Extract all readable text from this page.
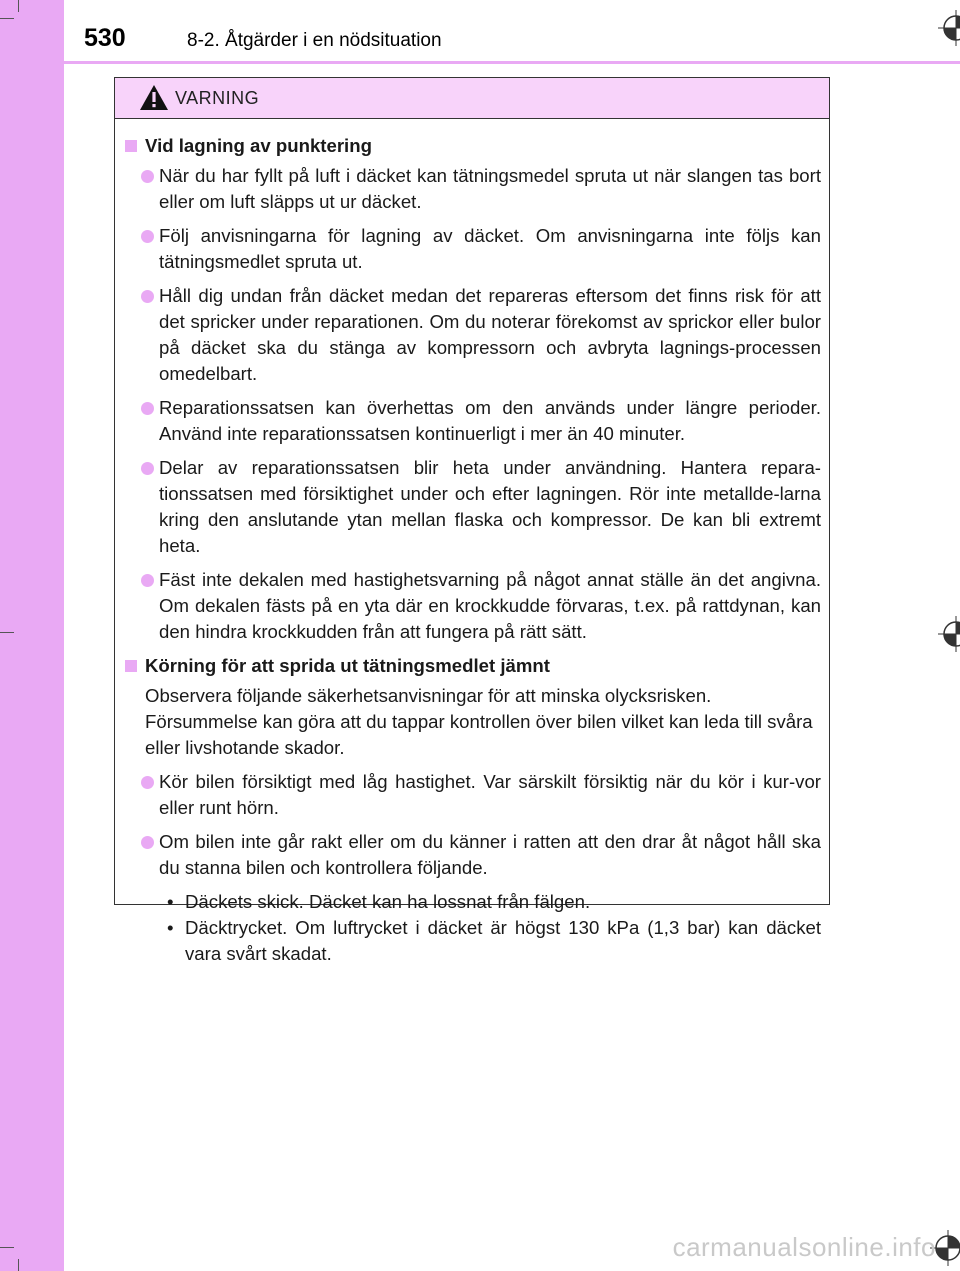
530	8-2. Åtgärder i en nödsituation
VARNING
Vid lagning av punktering
När du har fyllt på luft i däcket kan tätningsmedel spruta ut när slangen tas bort eller om luft släpps ut ur däcket.
Följ anvisningarna för lagning av däcket. Om anvisningarna inte följs kan tätningsmedlet spruta ut.
Håll dig undan från däcket medan det repareras eftersom det finns risk för att det spricker under reparationen. Om du noterar förekomst av sprickor eller bulor på däcket ska du stänga av kompressorn och avbryta lagnings-processen omedelbart.
Reparationssatsen kan överhettas om den används under längre perioder. Använd inte reparationssatsen kontinuerligt i mer än 40 minuter.
Delar av reparationssatsen blir heta under användning. Hantera repara-tionssatsen med försiktighet under och efter lagningen. Rör inte metallde-larna kring den anslutande ytan mellan flaska och kompressor. De kan bli extremt heta.
Fäst inte dekalen med hastighetsvarning på något annat ställe än det angivna. Om dekalen fästs på en yta där en krockkudde förvaras, t.ex. på rattdynan, kan den hindra krockkudden från att fungera på rätt sätt.
Körning för att sprida ut tätningsmedlet jämnt
Observera följande säkerhetsanvisningar för att minska olycksrisken. Försummelse kan göra att du tappar kontrollen över bilen vilket kan leda till svåra eller livshotande skador.
Kör bilen försiktigt med låg hastighet. Var särskilt försiktig när du kör i kur-vor eller runt hörn.
Om bilen inte går rakt eller om du känner i ratten att den drar åt något håll ska du stanna bilen och kontrollera följande.
• Däckets skick. Däcket kan ha lossnat från fälgen.
• Däcktrycket. Om luftrycket i däcket är högst 130 kPa (1,3 bar) kan däcket vara svårt skadat.
carmanualsonline.info
